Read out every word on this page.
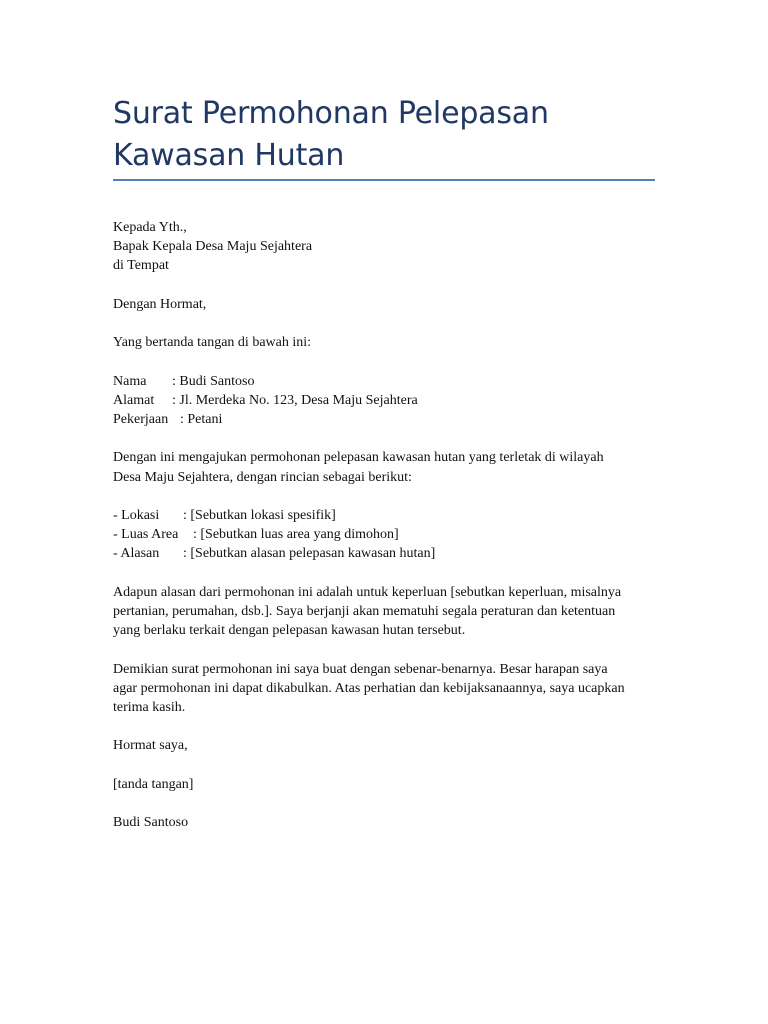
Surat Permohonan Pelepasan Kawasan Hutan
Kepada Yth.,
Bapak Kepala Desa Maju Sejahtera
di Tempat
Dengan Hormat,
Yang bertanda tangan di bawah ini:
Nama : Budi Santoso
Alamat : Jl. Merdeka No. 123, Desa Maju Sejahtera
Pekerjaan : Petani
Dengan ini mengajukan permohonan pelepasan kawasan hutan yang terletak di wilayah
Desa Maju Sejahtera, dengan rincian sebagai berikut:
- Lokasi : [Sebutkan lokasi spesifik]
- Luas Area : [Sebutkan luas area yang dimohon]
- Alasan : [Sebutkan alasan pelepasan kawasan hutan]
Adapun alasan dari permohonan ini adalah untuk keperluan [sebutkan keperluan, misalnya
pertanian, perumahan, dsb.]. Saya berjanji akan mematuhi segala peraturan dan ketentuan
yang berlaku terkait dengan pelepasan kawasan hutan tersebut.
Demikian surat permohonan ini saya buat dengan sebenar-benarnya. Besar harapan saya
agar permohonan ini dapat dikabulkan. Atas perhatian dan kebijaksanaannya, saya ucapkan
terima kasih.
Hormat saya,
[tanda tangan]
Budi Santoso
